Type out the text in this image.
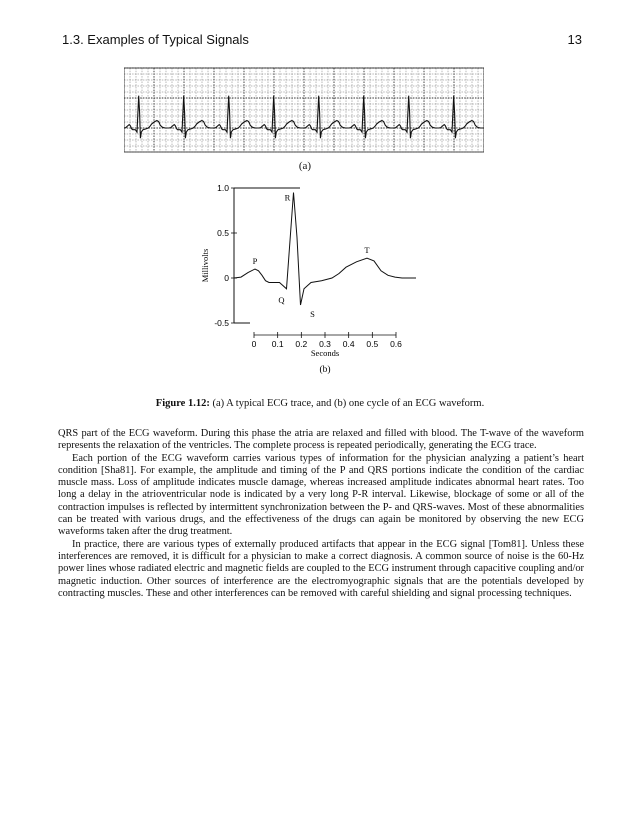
1.3. Examples of Typical Signals	13
(a)
1.0
0.5
0
-0.5
0 0.1 0.2 0.3 0.4 0.5 0.6
Seconds
Millivolts
(b)
P
Q
R
S
T
Figure 1.12: (a) A typical ECG trace, and (b) one cycle of an ECG waveform.

QRS part of the ECG waveform. During this phase the atria are relaxed and filled with blood. The T-wave of the waveform represents the relaxation of the ventricles. The complete process is repeated periodically, generating the ECG trace.

Each portion of the ECG waveform carries various types of information for the physician analyzing a patient’s heart condition [Sha81]. For example, the amplitude and timing of the P and QRS portions indicate the condition of the cardiac muscle mass. Loss of amplitude indicates muscle damage, whereas increased amplitude indicates abnormal heart rates. Too long a delay in the atrioventricular node is indicated by a very long P-R interval. Likewise, blockage of some or all of the contraction impulses is reflected by intermittent synchronization between the P- and QRS-waves. Most of these abnormalities can be treated with various drugs, and the effectiveness of the drugs can again be monitored by observing the new ECG waveforms taken after the drug treatment.

In practice, there are various types of externally produced artifacts that appear in the ECG signal [Tom81]. Unless these interferences are removed, it is difficult for a physician to make a correct diagnosis. A common source of noise is the 60-Hz power lines whose radiated electric and magnetic fields are coupled to the ECG instrument through capacitive coupling and/or magnetic induction. Other sources of interference are the electromyographic signals that are the potentials developed by contracting muscles. These and other interferences can be removed with careful shielding and signal processing techniques.
